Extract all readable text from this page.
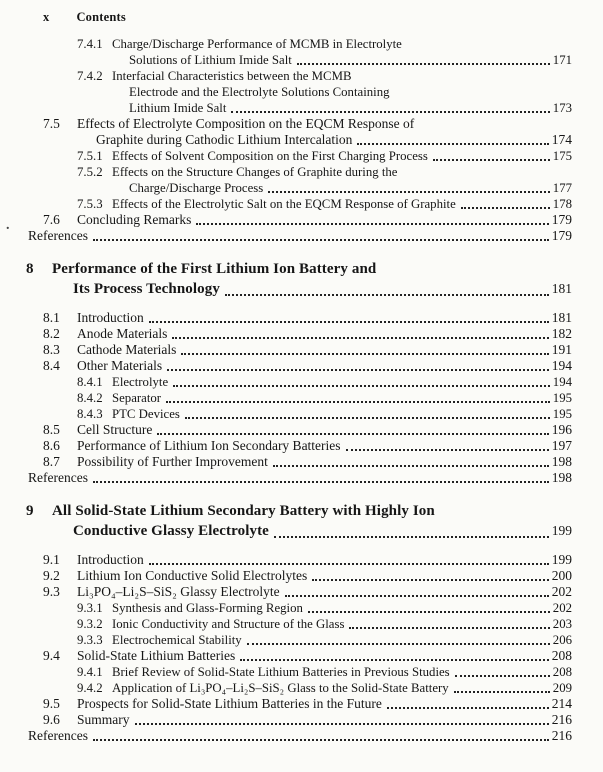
x Contents
.
7.4.1 Charge/Discharge Performance of MCMB in Electrolyte
Solutions of Lithium Imide Salt	171
7.4.2 Interfacial Characteristics between the MCMB
Electrode and the Electrolyte Solutions Containing
Lithium Imide Salt	173
7.5 Effects of Electrolyte Composition on the EQCM Response of
Graphite during Cathodic Lithium Intercalation	174
7.5.1 Effects of Solvent Composition on the First Charging Process	175
7.5.2 Effects on the Structure Changes of Graphite during the
Charge/Discharge Process	177
7.5.3 Effects of the Electrolytic Salt on the EQCM Response of Graphite	178
7.6 Concluding Remarks	179
References	179
8 Performance of the First Lithium Ion Battery and
Its Process Technology	181
8.1 Introduction	181
8.2 Anode Materials	182
8.3 Cathode Materials	191
8.4 Other Materials	194
8.4.1 Electrolyte	194
8.4.2 Separator	195
8.4.3 PTC Devices	195
8.5 Cell Structure	196
8.6 Performance of Lithium Ion Secondary Batteries	197
8.7 Possibility of Further Improvement	198
References	198
9 All Solid-State Lithium Secondary Battery with Highly Ion
Conductive Glassy Electrolyte	199
9.1 Introduction	199
9.2 Lithium Ion Conductive Solid Electrolytes	200
9.3 Li₃PO₄–Li₂S–SiS₂ Glassy Electrolyte	202
9.3.1 Synthesis and Glass-Forming Region	202
9.3.2 Ionic Conductivity and Structure of the Glass	203
9.3.3 Electrochemical Stability	206
9.4 Solid-State Lithium Batteries	208
9.4.1 Brief Review of Solid-State Lithium Batteries in Previous Studies	208
9.4.2 Application of Li₃PO₄–Li₂S–SiS₂ Glass to the Solid-State Battery	209
9.5 Prospects for Solid-State Lithium Batteries in the Future	214
9.6 Summary	216
References	216
